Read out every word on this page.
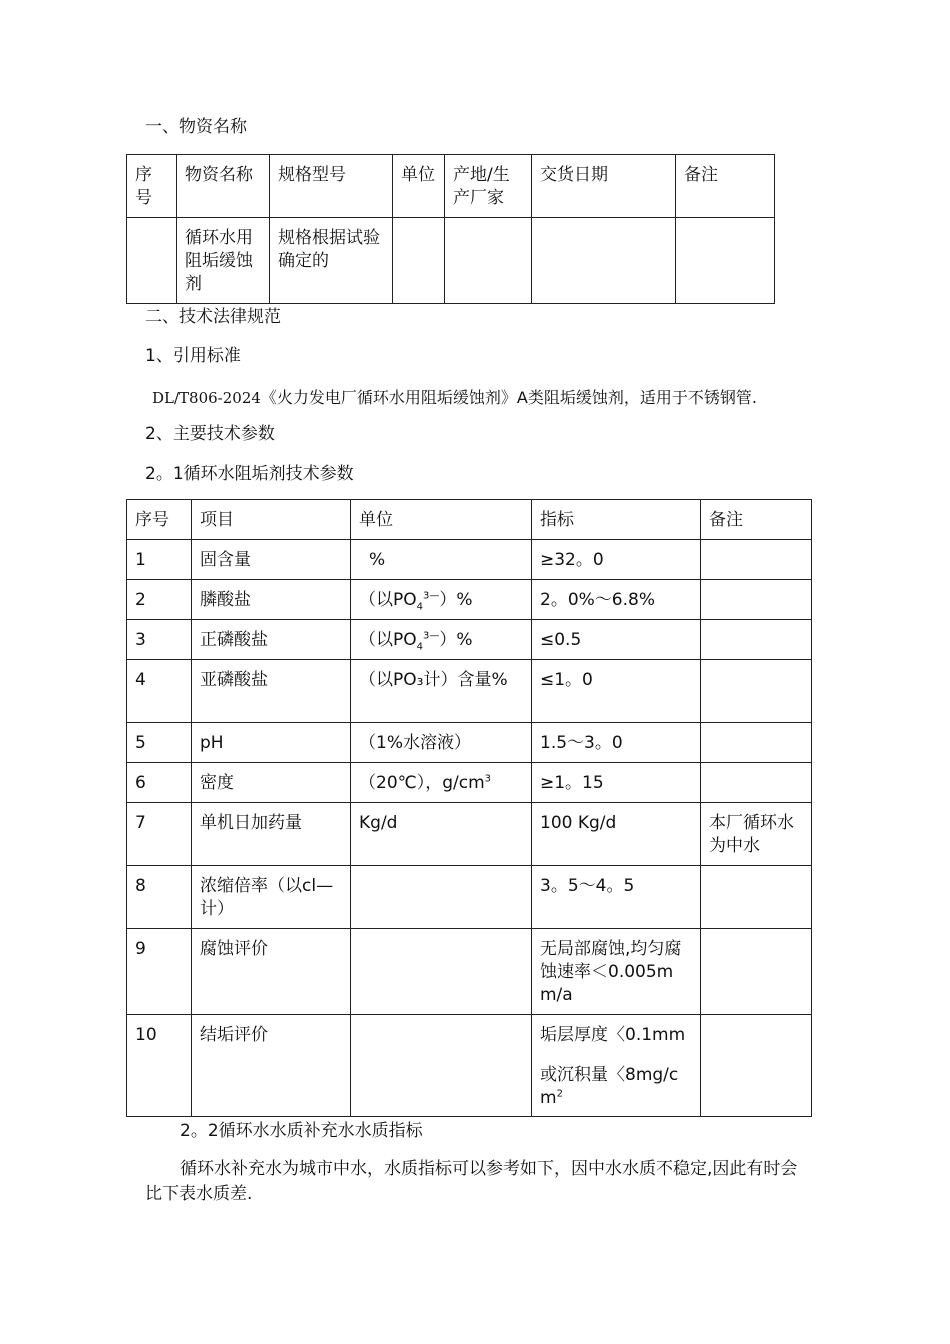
一、物资名称
序号	物资名称	规格型号	单位	产地/生产厂家	交货日期	备注
	循环水用阻垢缓蚀剂	规格根据试验确定的				
二、技术法律规范
1、引用标准
DL/T806-2024《火力发电厂循环水用阻垢缓蚀剂》A类阻垢缓蚀剂，适用于不锈钢管.
2、主要技术参数
2。1循环水阻垢剂技术参数
序号	项目	单位	指标	备注
1	固含量	%	≥32。0	
2	膦酸盐	（以$PO_4^{3—})\%$	2。0%～6.8%	
3	正磷酸盐	（以$PO_4^{3—})\%$	≤0.5	
4	亚磷酸盐	（以PO₃计）含量%	≤1。0	
5	pH	（1%水溶液）	1.5～3。0	
6	密度	（20℃），$g/cm^3$	≥1。15	
7	单机日加药量	Kg/d	100 Kg/d	本厂循环水为中水
8	浓缩倍率（以cl—计）		3。5～4。5	
9	腐蚀评价		无局部腐蚀,均匀腐蚀速率＜0.005mm/a	
10	结垢评价		垢层厚度〈0.1mm
或沉积量〈$8mg/cm^2$

2。2循环水水质补充水水质指标
循环水补充水为城市中水，水质指标可以参考如下，因中水水质不稳定,因此有时会比下表水质差.
